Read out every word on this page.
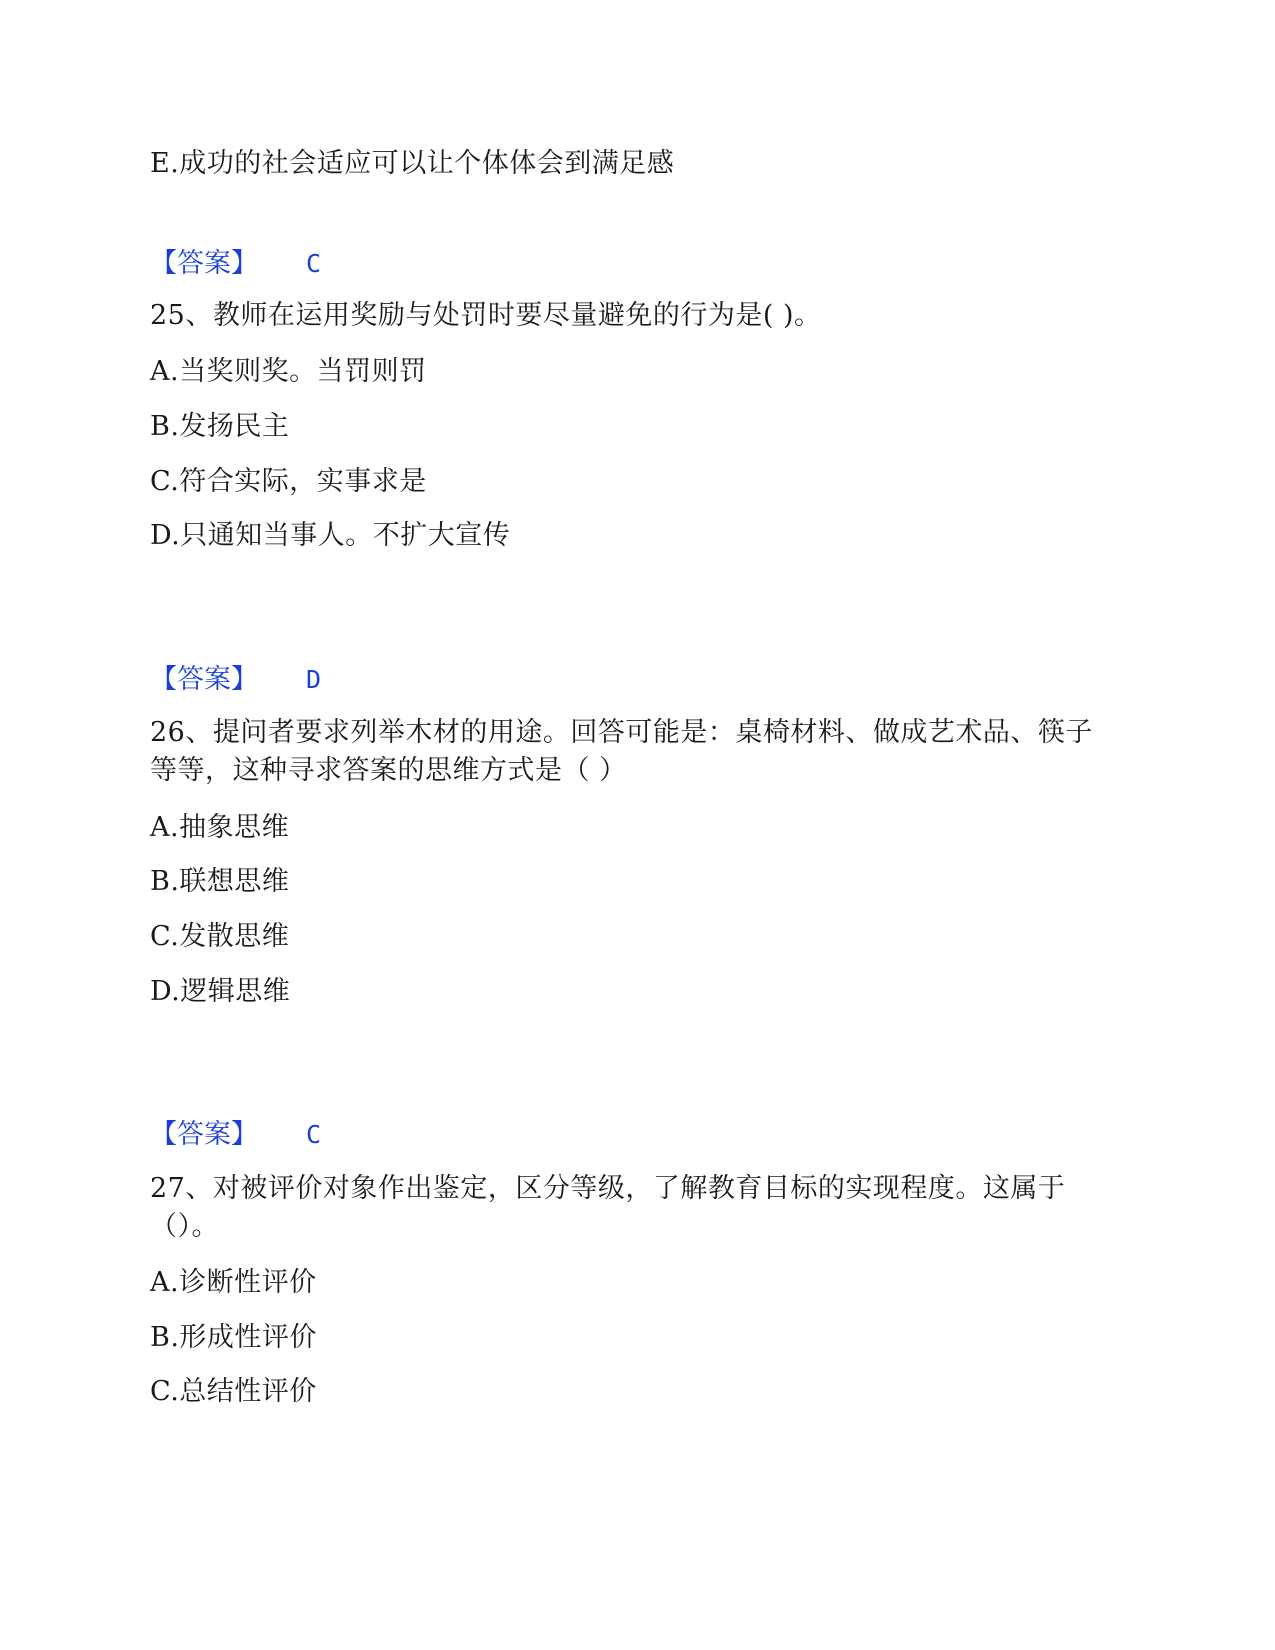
E.成功的社会适应可以让个体体会到满足感
【答案】 C
25、教师在运用奖励与处罚时要尽量避免的行为是( )。
A.当奖则奖。当罚则罚
B.发扬民主
C.符合实际，实事求是
D.只通知当事人。不扩大宣传
【答案】 D
26、提问者要求列举木材的用途。回答可能是：桌椅材料、做成艺术品、筷子等等，这种寻求答案的思维方式是（ ）
A.抽象思维
B.联想思维
C.发散思维
D.逻辑思维
【答案】 C
27、对被评价对象作出鉴定，区分等级，了解教育目标的实现程度。这属于（）。
A.诊断性评价
B.形成性评价
C.总结性评价
